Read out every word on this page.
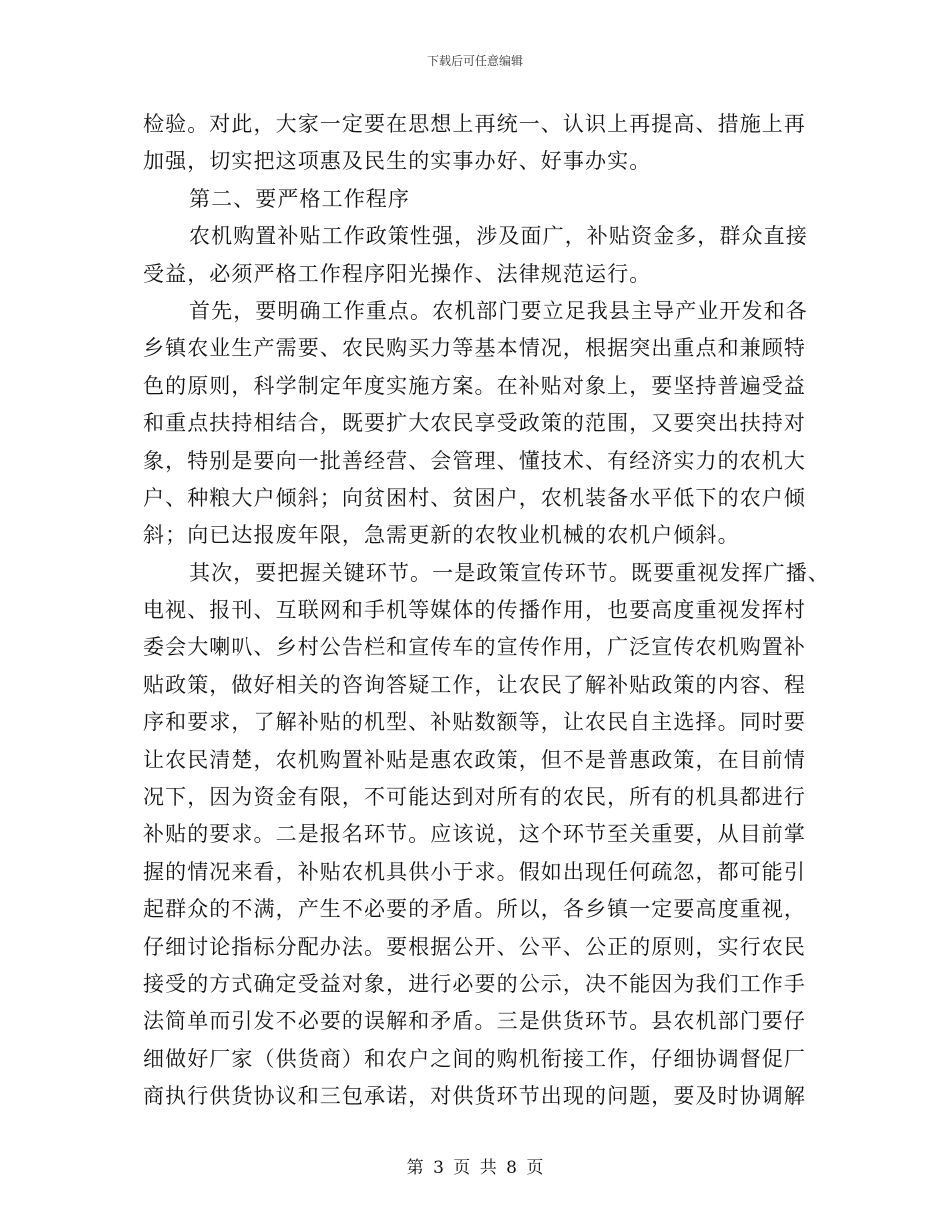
下载后可任意编辑
检验。对此，大家一定要在思想上再统一、认识上再提高、措施上再
加强，切实把这项惠及民生的实事办好、好事办实。
第二、要严格工作程序
农机购置补贴工作政策性强，涉及面广，补贴资金多，群众直接
受益，必须严格工作程序阳光操作、法律规范运行。
首先，要明确工作重点。农机部门要立足我县主导产业开发和各
乡镇农业生产需要、农民购买力等基本情况，根据突出重点和兼顾特
色的原则，科学制定年度实施方案。在补贴对象上，要坚持普遍受益
和重点扶持相结合，既要扩大农民享受政策的范围，又要突出扶持对
象，特别是要向一批善经营、会管理、懂技术、有经济实力的农机大
户、种粮大户倾斜；向贫困村、贫困户，农机装备水平低下的农户倾
斜；向已达报废年限，急需更新的农牧业机械的农机户倾斜。
其次，要把握关键环节。一是政策宣传环节。既要重视发挥广播、
电视、报刊、互联网和手机等媒体的传播作用，也要高度重视发挥村
委会大喇叭、乡村公告栏和宣传车的宣传作用，广泛宣传农机购置补
贴政策，做好相关的咨询答疑工作，让农民了解补贴政策的内容、程
序和要求，了解补贴的机型、补贴数额等，让农民自主选择。同时要
让农民清楚，农机购置补贴是惠农政策，但不是普惠政策，在目前情
况下，因为资金有限，不可能达到对所有的农民，所有的机具都进行
补贴的要求。二是报名环节。应该说，这个环节至关重要，从目前掌
握的情况来看，补贴农机具供小于求。假如出现任何疏忽，都可能引
起群众的不满，产生不必要的矛盾。所以，各乡镇一定要高度重视，
仔细讨论指标分配办法。要根据公开、公平、公正的原则，实行农民
接受的方式确定受益对象，进行必要的公示，决不能因为我们工作手
法简单而引发不必要的误解和矛盾。三是供货环节。县农机部门要仔
细做好厂家（供货商）和农户之间的购机衔接工作，仔细协调督促厂
商执行供货协议和三包承诺，对供货环节出现的问题，要及时协调解
第 3 页 共 8 页
